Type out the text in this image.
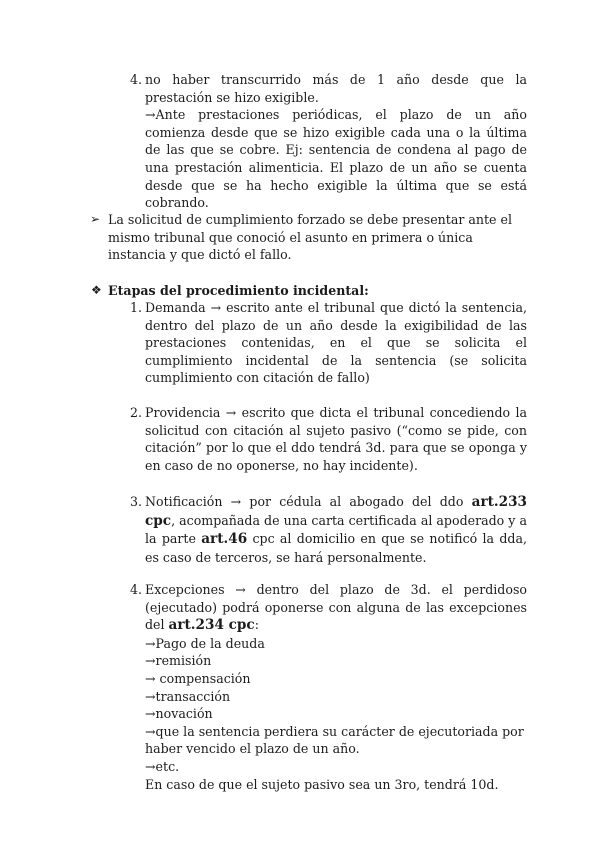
4. no haber transcurrido más de 1 año desde que la prestación se hizo exigible.

→Ante prestaciones periódicas, el plazo de un año comienza desde que se hizo exigible cada una o la última de las que se cobre. Ej: sentencia de condena al pago de una prestación alimenticia. El plazo de un año se cuenta desde que se ha hecho exigible la última que se está cobrando.

➢ La solicitud de cumplimiento forzado se debe presentar ante el mismo tribunal que conoció el asunto en primera o única instancia y que dictó el fallo.

❖ Etapas del procedimiento incidental:
1. Demanda → escrito ante el tribunal que dictó la sentencia, dentro del plazo de un año desde la exigibilidad de las prestaciones contenidas, en el que se solicita el cumplimiento incidental de la sentencia (se solicita cumplimiento con citación de fallo)

2. Providencia → escrito que dicta el tribunal concediendo la solicitud con citación al sujeto pasivo (“como se pide, con citación” por lo que el ddo tendrá 3d. para que se oponga y en caso de no oponerse, no hay incidente).

3. Notificación → por cédula al abogado del ddo art.233 cpc, acompañada de una carta certificada al apoderado y a la parte art.46 cpc al domicilio en que se notificó la dda, es caso de terceros, se hará personalmente.

4. Excepciones → dentro del plazo de 3d. el perdidoso (ejecutado) podrá oponerse con alguna de las excepciones del art.234 cpc:

→Pago de la deuda

→remisión

→ compensación

→transacción

→novación

→que la sentencia perdiera su carácter de ejecutoriada por haber vencido el plazo de un año.

→etc.

En caso de que el sujeto pasivo sea un 3ro, tendrá 10d.
